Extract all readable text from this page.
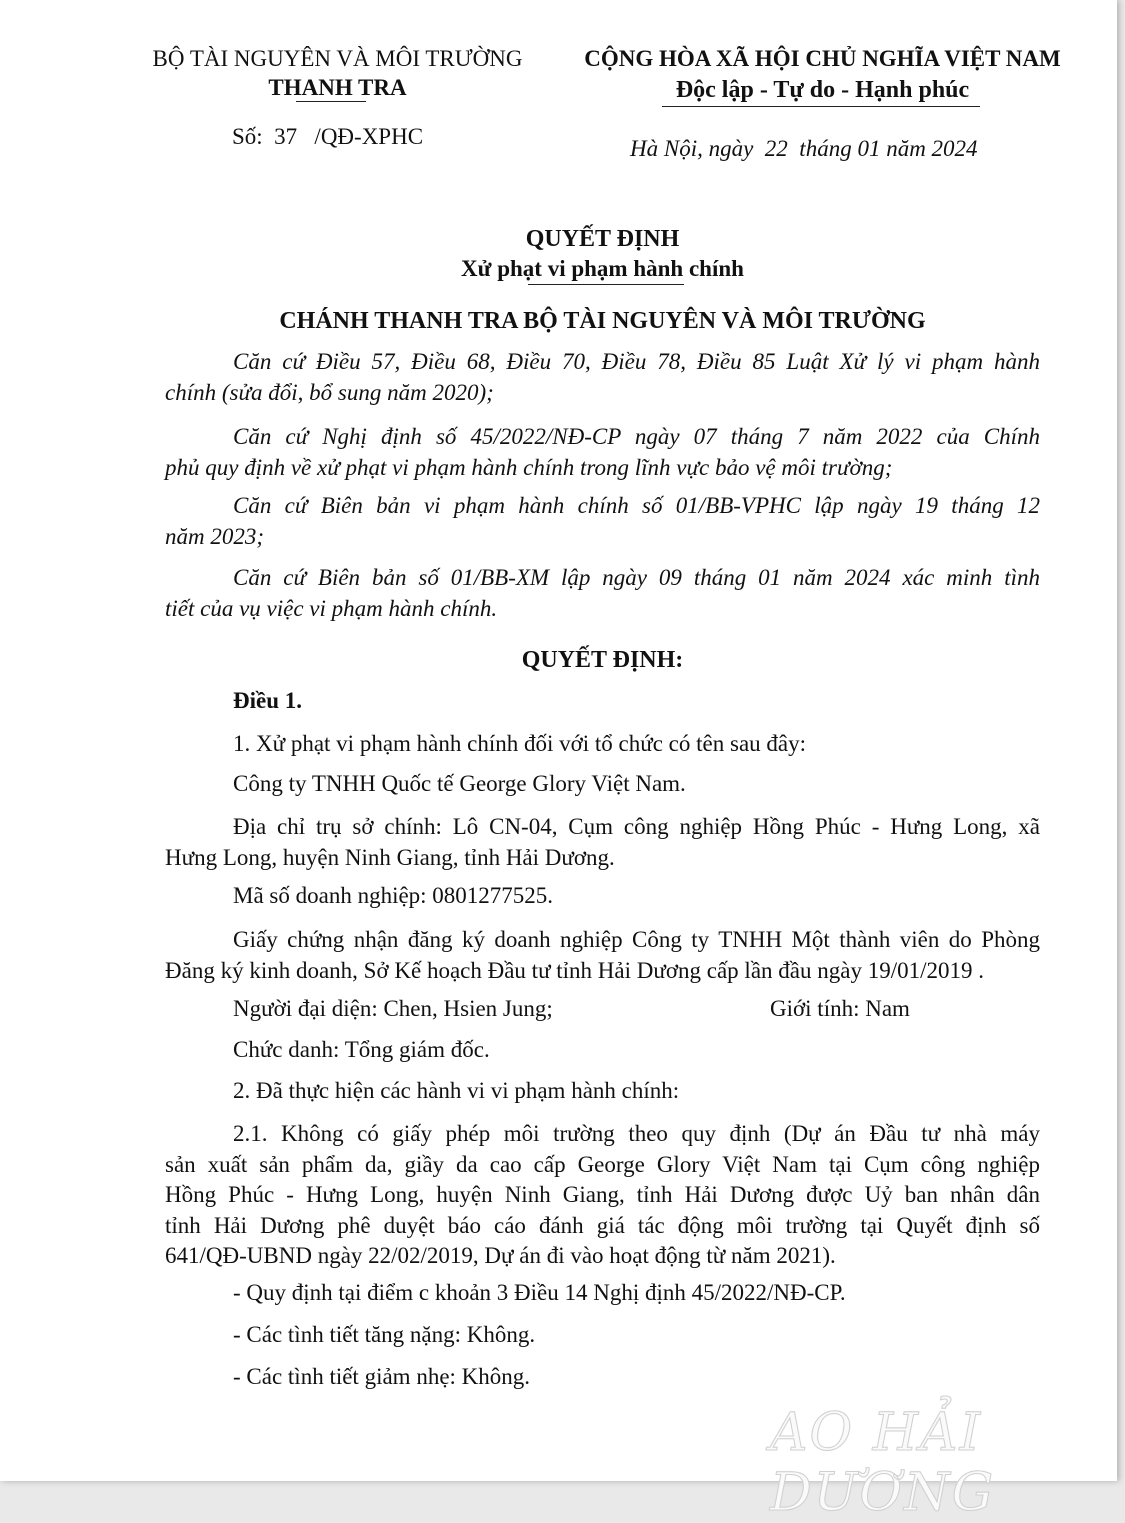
BỘ TÀI NGUYÊN VÀ MÔI TRƯỜNG
THANH TRA
Số:  37   /QĐ-XPHC
CỘNG HÒA XÃ HỘI CHỦ NGHĨA VIỆT NAM
Độc lập - Tự do - Hạnh phúc
Hà Nội, ngày  22  tháng 01 năm 2024
QUYẾT ĐỊNH
Xử phạt vi phạm hành chính
CHÁNH THANH TRA BỘ TÀI NGUYÊN VÀ MÔI TRƯỜNG
Căn cứ Điều 57, Điều 68, Điều 70, Điều 78, Điều 85 Luật Xử lý vi phạm hành
chính (sửa đổi, bổ sung năm 2020);
Căn cứ Nghị định số 45/2022/NĐ-CP ngày 07 tháng 7 năm 2022 của Chính
phủ quy định về xử phạt vi phạm hành chính trong lĩnh vực bảo vệ môi trường;
Căn cứ Biên bản vi phạm hành chính số 01/BB-VPHC lập ngày 19 tháng 12
năm 2023;
Căn cứ Biên bản số 01/BB-XM lập ngày 09 tháng 01 năm 2024 xác minh tình
tiết của vụ việc vi phạm hành chính.
QUYẾT ĐỊNH:
Điều 1.
1. Xử phạt vi phạm hành chính đối với tổ chức có tên sau đây:
Công ty TNHH Quốc tế George Glory Việt Nam.
Địa chỉ trụ sở chính: Lô CN-04, Cụm công nghiệp Hồng Phúc - Hưng Long, xã
Hưng Long, huyện Ninh Giang, tỉnh Hải Dương.
Mã số doanh nghiệp: 0801277525.
Giấy chứng nhận đăng ký doanh nghiệp Công ty TNHH Một thành viên do Phòng
Đăng ký kinh doanh, Sở Kế hoạch Đầu tư tỉnh Hải Dương cấp lần đầu ngày 19/01/2019 .
Người đại diện: Chen, Hsien Jung;	Giới tính: Nam
Chức danh: Tổng giám đốc.
2. Đã thực hiện các hành vi vi phạm hành chính:
2.1. Không có giấy phép môi trường theo quy định (Dự án Đầu tư nhà máy
sản xuất sản phẩm da, giầy da cao cấp George Glory Việt Nam tại Cụm công nghiệp
Hồng Phúc - Hưng Long, huyện Ninh Giang, tỉnh Hải Dương được Uỷ ban nhân dân
tỉnh Hải Dương phê duyệt báo cáo đánh giá tác động môi trường tại Quyết định số
641/QĐ-UBND ngày 22/02/2019, Dự án đi vào hoạt động từ năm 2021).
- Quy định tại điểm c khoản 3 Điều 14 Nghị định 45/2022/NĐ-CP.
- Các tình tiết tăng nặng: Không.
- Các tình tiết giảm nhẹ: Không.
AO HẢI DƯƠNG
